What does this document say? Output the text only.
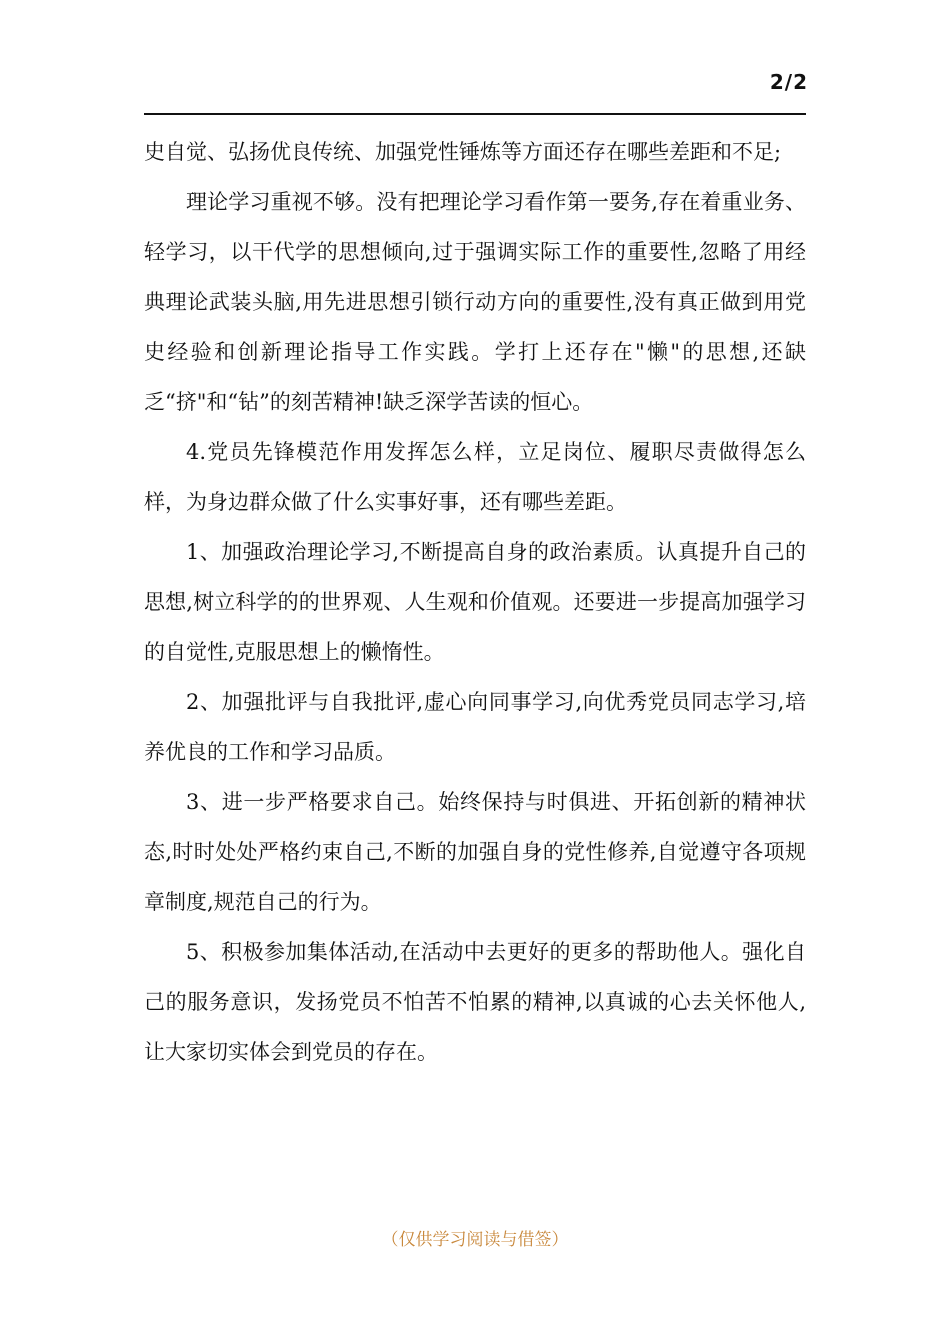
2/2

史自觉、弘扬优良传统、加强党性锤炼等方面还存在哪些差距和不足;

理论学习重视不够。没有把理论学习看作第一要务,存在着重业务、轻学习，以干代学的思想倾向,过于强调实际工作的重要性,忽略了用经典理论武装头脑,用先进思想引锁行动方向的重要性,没有真正做到用党史经验和创新理论指导工作实践。学打上还存在"懒"的思想,还缺乏“挤"和“钻”的刻苦精神!缺乏深学苦读的恒心。

4.党员先锋模范作用发挥怎么样，立足岗位、履职尽责做得怎么样，为身边群众做了什么实事好事，还有哪些差距。

1、加强政治理论学习,不断提高自身的政治素质。认真提升自己的思想,树立科学的的世界观、人生观和价值观。还要进一步提高加强学习的自觉性,克服思想上的懒惰性。

2、加强批评与自我批评,虚心向同事学习,向优秀党员同志学习,培养优良的工作和学习品质。

3、进一步严格要求自己。始终保持与时俱进、开拓创新的精神状态,时时处处严格约束自己,不断的加强自身的党性修养,自觉遵守各项规章制度,规范自己的行为。

5、积极参加集体活动,在活动中去更好的更多的帮助他人。强化自己的服务意识，发扬党员不怕苦不怕累的精神,以真诚的心去关怀他人,让大家切实体会到党员的存在。

（仅供学习阅读与借签）
